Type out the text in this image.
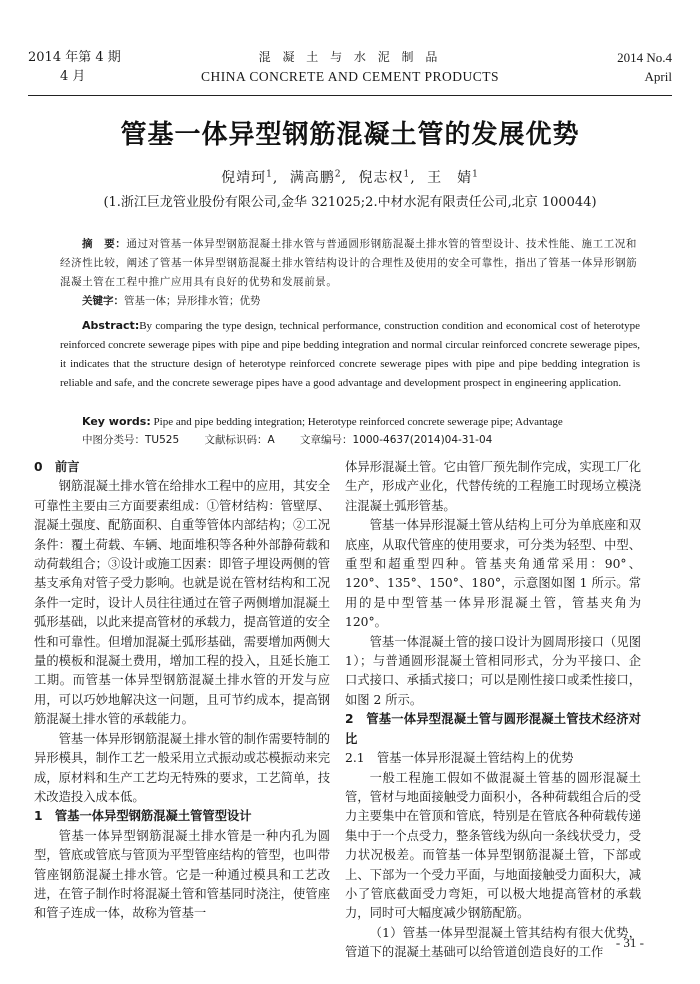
2014 年第 4 期
4 月
混 凝 土 与 水 泥 制 品
CHINA CONCRETE AND CEMENT PRODUCTS
2014 No.4
April
管基一体异型钢筋混凝土管的发展优势
倪靖珂$^1$, 满高鹏$^2$, 倪志权$^1$, 王　婧$^1$
(1.浙江巨龙管业股份有限公司,金华 321025;2.中材水泥有限责任公司,北京 100044)
摘　要：通过对管基一体异型钢筋混凝土排水管与普通圆形钢筋混凝土排水管的管型设计、技术性能、施工工况和经济性比较，阐述了管基一体异型钢筋混凝土排水管结构设计的合理性及使用的安全可靠性，指出了管基一体异形钢筋混凝土管在工程中推广应用具有良好的优势和发展前景。
关键字：管基一体；异形排水管；优势
Abstract:By comparing the type design, technical performance, construction condition and economical cost of heterotype reinforced concrete sewerage pipes with pipe and pipe bedding integration and normal circular reinforced concrete sewerage pipes, it indicates that the structure design of heterotype reinforced concrete sewerage pipes with pipe and pipe bedding integration is reliable and safe, and the concrete sewerage pipes have a good advantage and development prospect in engineering application.
Key words: Pipe and pipe bedding integration; Heterotype reinforced concrete sewerage pipe; Advantage
中图分类号：TU525 文献标识码：A 文章编号：1000-4637(2014)04-31-04
0　前言

钢筋混凝土排水管在给排水工程中的应用，其安全可靠性主要由三方面要素组成：①管材结构：管壁厚、混凝土强度、配筋面积、自重等管体内部结构；②工况条件：覆土荷载、车辆、地面堆积等各种外部静荷载和动荷载组合；③设计或施工因素：即管子埋设两侧的管基支承角对管子受力影响。也就是说在管材结构和工况条件一定时，设计人员往往通过在管子两侧增加混凝土弧形基础，以此来提高管材的承载力，提高管道的安全性和可靠性。但增加混凝土弧形基础，需要增加两侧大量的模板和混凝土费用，增加工程的投入，且延长施工工期。而管基一体异型钢筋混凝土排水管的开发与应用，可以巧妙地解决这一问题，且可节约成本，提高钢筋混凝土排水管的承载能力。

管基一体异形钢筋混凝土排水管的制作需要特制的异形模具，制作工艺一般采用立式振动或芯模振动来完成，原材料和生产工艺均无特殊的要求，工艺简单，技术改造投入成本低。

1　管基一体异型钢筋混凝土管管型设计

管基一体异型钢筋混凝土排水管是一种内孔为圆型，管底或管底与管顶为平型管座结构的管型，也叫带管座钢筋混凝土排水管。它是一种通过模具和工艺改进，在管子制作时将混凝土管和管基同时浇注，使管座和管子连成一体，故称为管基一

体异形混凝土管。它由管厂预先制作完成，实现工厂化生产，形成产业化，代替传统的工程施工时现场立模浇注混凝土弧形管基。

管基一体异形混凝土管从结构上可分为单底座和双底座，从取代管座的使用要求，可分类为轻型、中型、重型和超重型四种。管基夹角通常采用：90°、120°、135°、150°、180°，示意图如图 1 所示。常用的是中型管基一体异形混凝土管，管基夹角为 120°。

管基一体混凝土管的接口设计为圆周形接口（见图 1）；与普通圆形混凝土管相同形式，分为平接口、企口式接口、承插式接口；可以是刚性接口或柔性接口，如图 2 所示。

2　管基一体异型混凝土管与圆形混凝土管技术经济对比
2.1　管基一体异形混凝土管结构上的优势

一般工程施工假如不做混凝土管基的圆形混凝土管，管材与地面接触受力面积小，各种荷载组合后的受力主要集中在管顶和管底，特别是在管底各种荷载传递集中于一个点受力，整条管线为纵向一条线状受力，受力状况极差。而管基一体异型钢筋混凝土管，下部或上、下部为一个受力平面，与地面接触受力面积大，减小了管底截面受力弯矩，可以极大地提高管材的承载力，同时可大幅度减少钢筋配筋。

（1）管基一体异型混凝土管其结构有很大优势，管道下的混凝土基础可以给管道创造良好的工作

- 31 -
